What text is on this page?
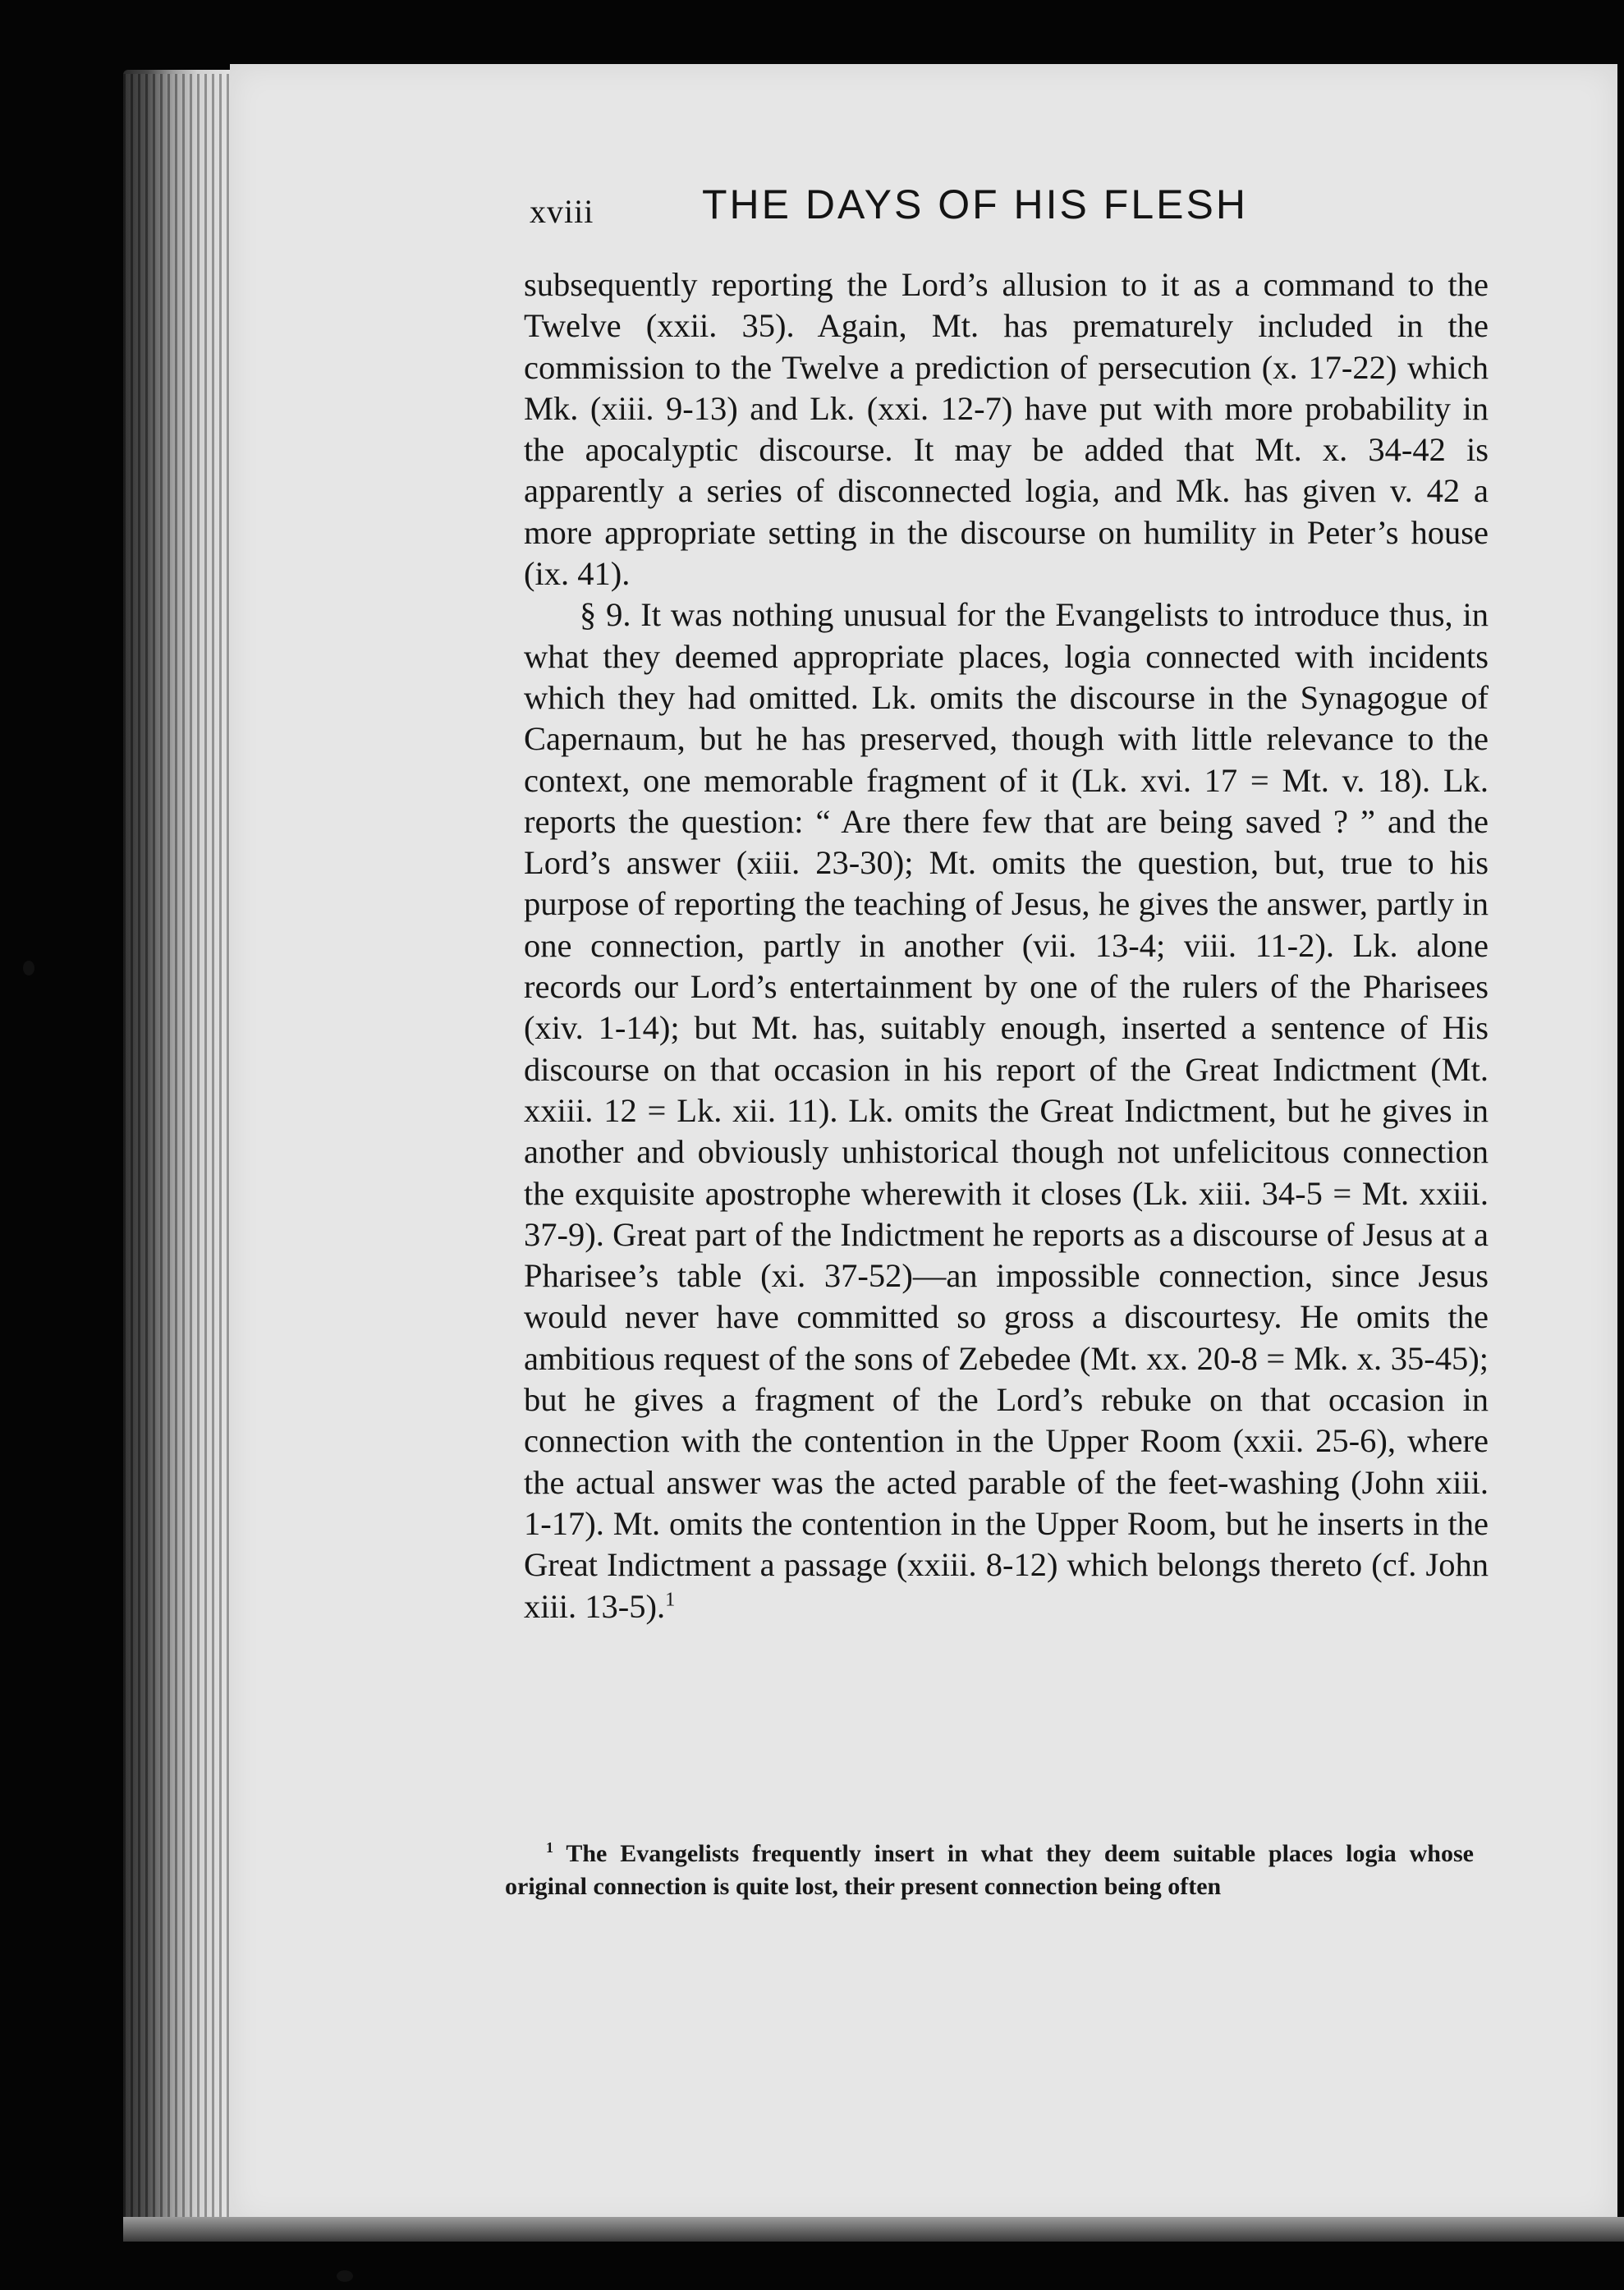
xviii	THE DAYS OF HIS FLESH

subsequently reporting the Lord’s allusion to it as a command to the Twelve (xxii. 35). Again, Mt. has prematurely included in the commission to the Twelve a prediction of persecution (x. 17-22) which Mk. (xiii. 9-13) and Lk. (xxi. 12-7) have put with more probability in the apocalyptic discourse. It may be added that Mt. x. 34-42 is apparently a series of disconnected logia, and Mk. has given v. 42 a more appropriate setting in the discourse on humility in Peter’s house (ix. 41).

§ 9. It was nothing unusual for the Evangelists to introduce thus, in what they deemed appropriate places, logia connected with incidents which they had omitted. Lk. omits the discourse in the Synagogue of Capernaum, but he has preserved, though with little relevance to the context, one memorable fragment of it (Lk. xvi. 17 = Mt. v. 18). Lk. reports the question: “ Are there few that are being saved ? ” and the Lord’s answer (xiii. 23-30); Mt. omits the question, but, true to his purpose of reporting the teaching of Jesus, he gives the answer, partly in one connection, partly in another (vii. 13-4; viii. 11-2). Lk. alone records our Lord’s entertainment by one of the rulers of the Pharisees (xiv. 1-14); but Mt. has, suitably enough, inserted a sentence of His discourse on that occasion in his report of the Great Indictment (Mt. xxiii. 12 = Lk. xii. 11). Lk. omits the Great Indictment, but he gives in another and obviously unhistorical though not unfelicitous connection the exquisite apostrophe wherewith it closes (Lk. xiii. 34-5 = Mt. xxiii. 37-9). Great part of the Indictment he reports as a discourse of Jesus at a Pharisee’s table (xi. 37-52)—an impossible connection, since Jesus would never have committed so gross a discourtesy. He omits the ambitious request of the sons of Zebedee (Mt. xx. 20-8 = Mk. x. 35-45); but he gives a fragment of the Lord’s rebuke on that occasion in connection with the contention in the Upper Room (xxii. 25-6), where the actual answer was the acted parable of the feet-washing (John xiii. 1-17). Mt. omits the contention in the Upper Room, but he inserts in the Great Indictment a passage (xxiii. 8-12) which belongs thereto (cf. John xiii. 13-5).$^1$

$^1$ The Evangelists frequently insert in what they deem suitable places logia whose original connection is quite lost, their present connection being often
